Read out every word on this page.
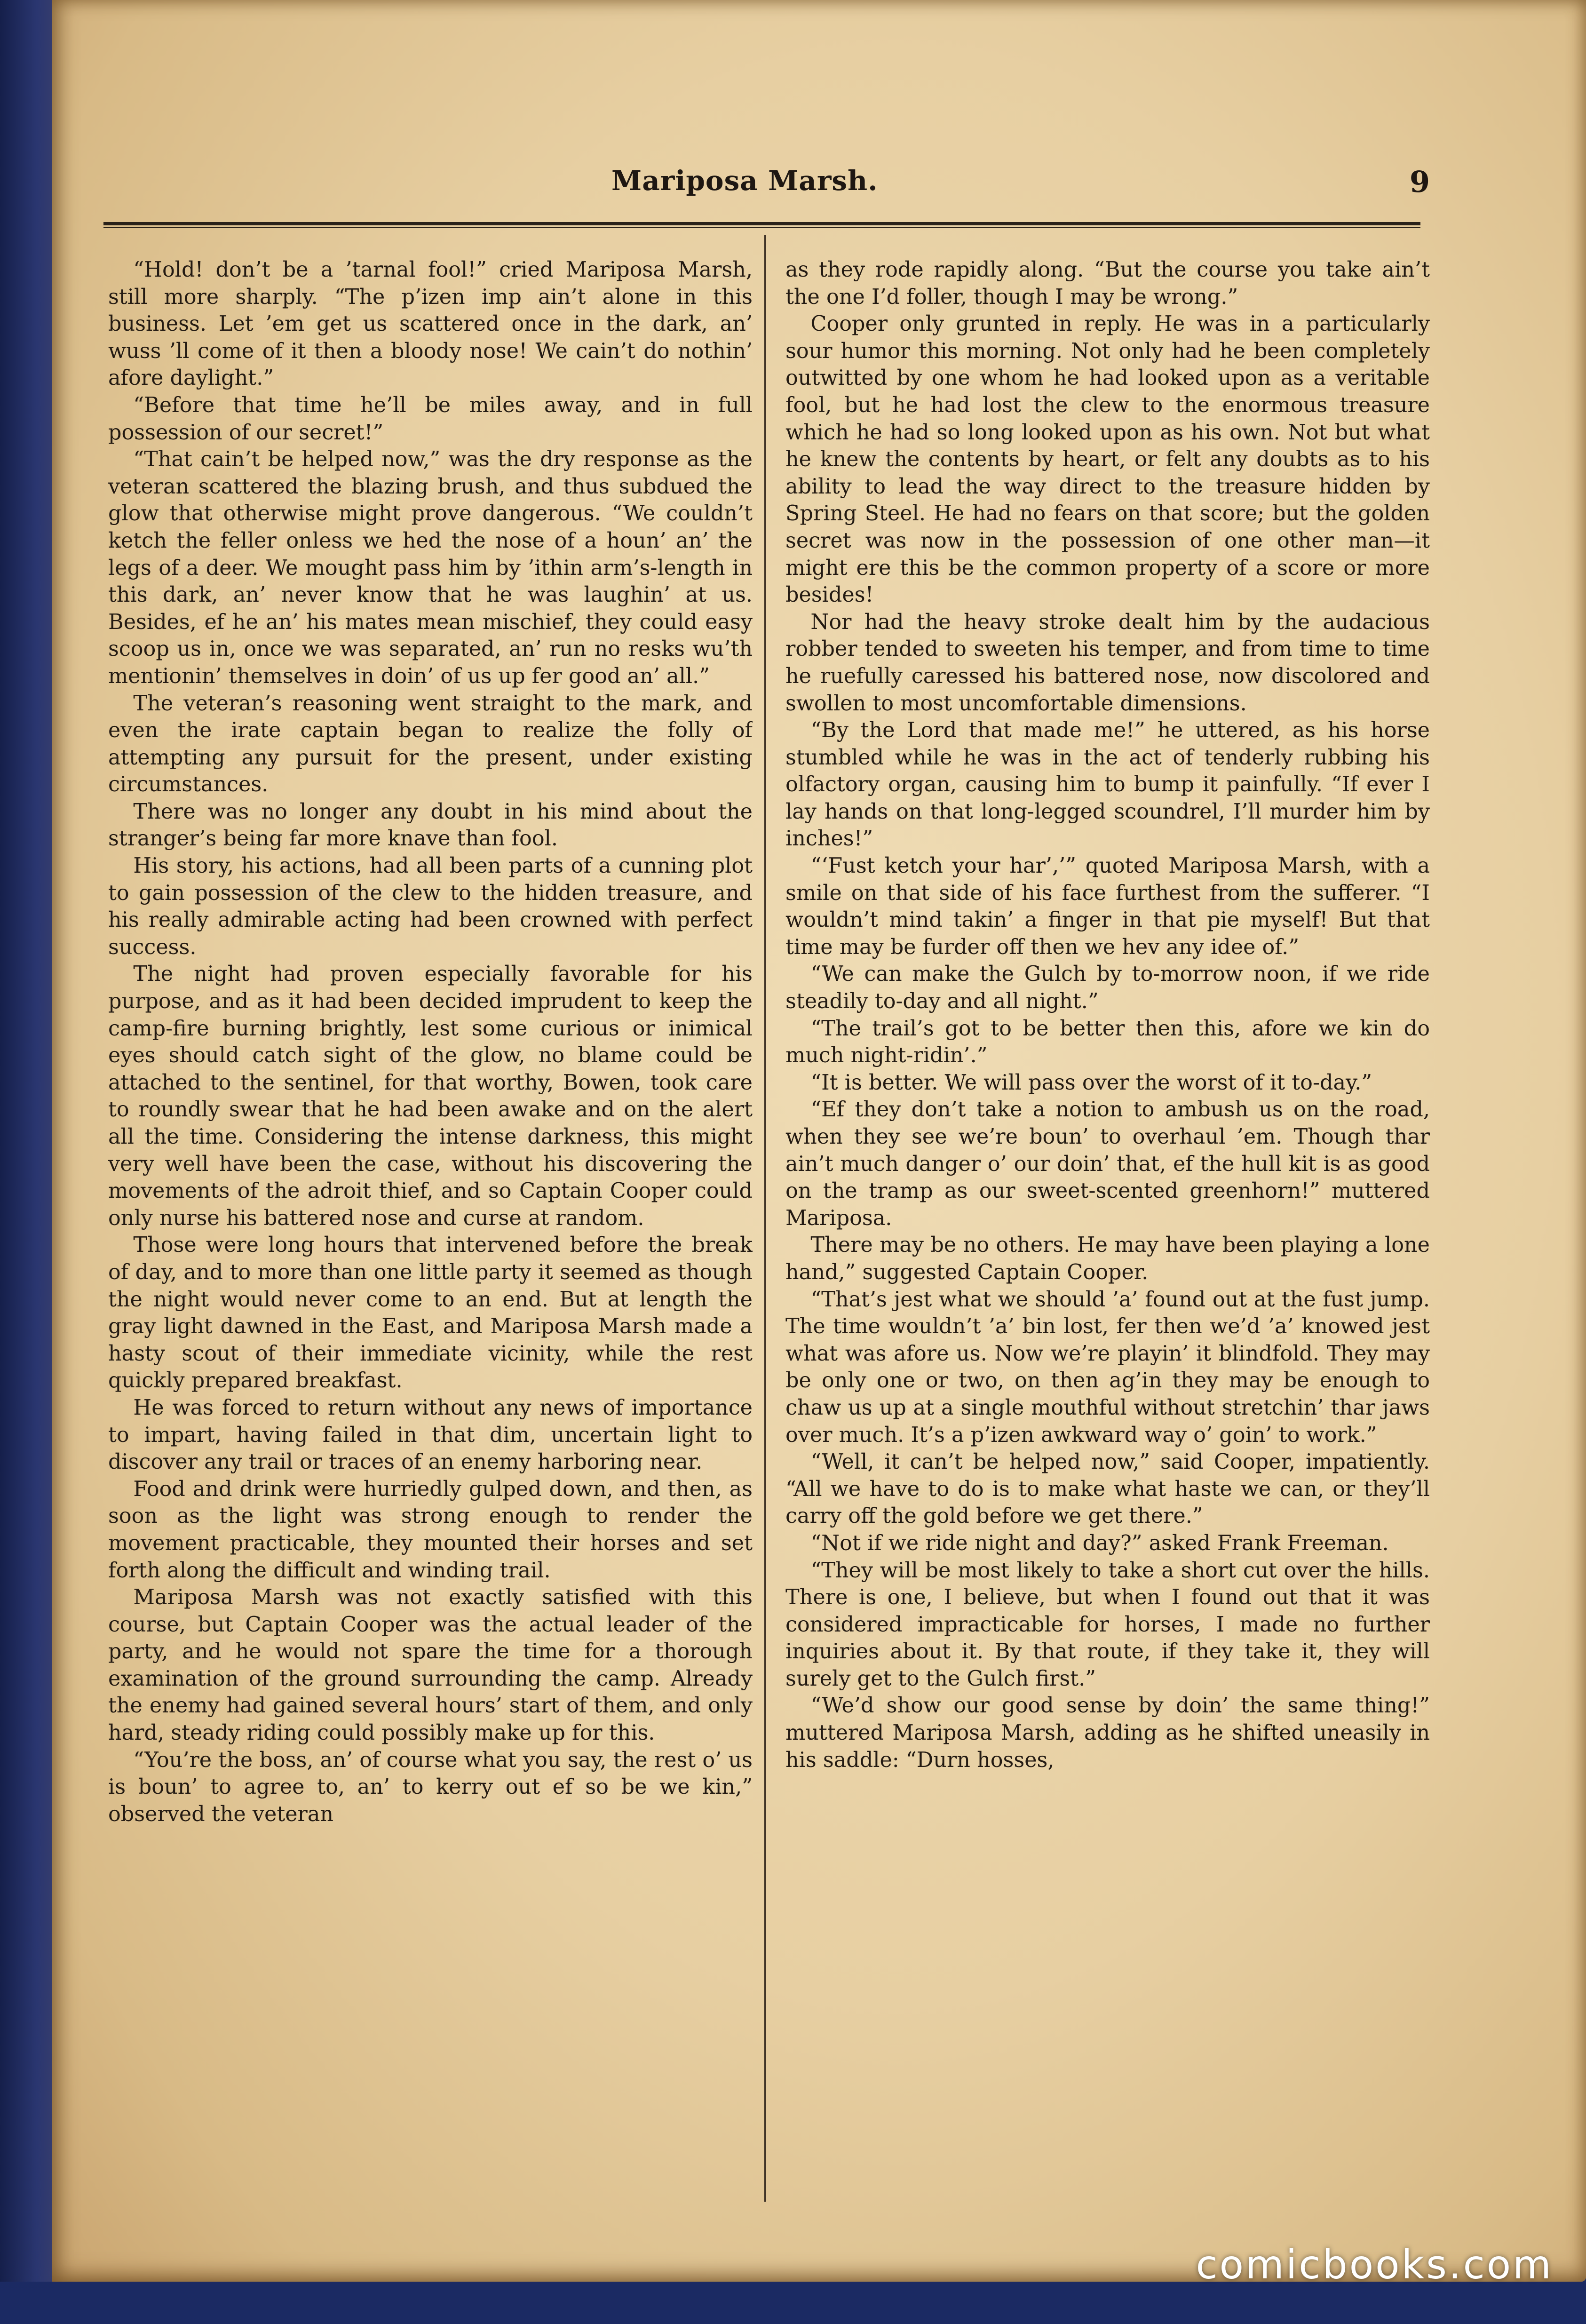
Mariposa Marsh.	9

“Hold! don’t be a ’tarnal fool!” cried Mariposa Marsh, still more sharply. “The p’izen imp ain’t alone in this business. Let ’em get us scattered once in the dark, an’ wuss ’ll come of it then a bloody nose! We cain’t do nothin’ afore daylight.”

“Before that time he’ll be miles away, and in full possession of our secret!”

“That cain’t be helped now,” was the dry response as the veteran scattered the blazing brush, and thus subdued the glow that otherwise might prove dangerous. “We couldn’t ketch the feller onless we hed the nose of a houn’ an’ the legs of a deer. We mought pass him by ’ithin arm’s-length in this dark, an’ never know that he was laughin’ at us. Besides, ef he an’ his mates mean mischief, they could easy scoop us in, once we was separated, an’ run no resks wu’th mentionin’ themselves in doin’ of us up fer good an’ all.”

The veteran’s reasoning went straight to the mark, and even the irate captain began to realize the folly of attempting any pursuit for the present, under existing circumstances.

There was no longer any doubt in his mind about the stranger’s being far more knave than fool.

His story, his actions, had all been parts of a cunning plot to gain possession of the clew to the hidden treasure, and his really admirable acting had been crowned with perfect success.

The night had proven especially favorable for his purpose, and as it had been decided imprudent to keep the camp-fire burning brightly, lest some curious or inimical eyes should catch sight of the glow, no blame could be attached to the sentinel, for that worthy, Bowen, took care to roundly swear that he had been awake and on the alert all the time. Considering the intense darkness, this might very well have been the case, without his discovering the movements of the adroit thief, and so Captain Cooper could only nurse his battered nose and curse at random.

Those were long hours that intervened before the break of day, and to more than one little party it seemed as though the night would never come to an end. But at length the gray light dawned in the East, and Mariposa Marsh made a hasty scout of their immediate vicinity, while the rest quickly prepared breakfast.

He was forced to return without any news of importance to impart, having failed in that dim, uncertain light to discover any trail or traces of an enemy harboring near.

Food and drink were hurriedly gulped down, and then, as soon as the light was strong enough to render the movement practicable, they mounted their horses and set forth along the difficult and winding trail.

Mariposa Marsh was not exactly satisfied with this course, but Captain Cooper was the actual leader of the party, and he would not spare the time for a thorough examination of the ground surrounding the camp. Already the enemy had gained several hours’ start of them, and only hard, steady riding could possibly make up for this.

“You’re the boss, an’ of course what you say, the rest o’ us is boun’ to agree to, an’ to kerry out ef so be we kin,” observed the veteran

as they rode rapidly along. “But the course you take ain’t the one I’d foller, though I may be wrong.”

Cooper only grunted in reply. He was in a particularly sour humor this morning. Not only had he been completely outwitted by one whom he had looked upon as a veritable fool, but he had lost the clew to the enormous treasure which he had so long looked upon as his own. Not but what he knew the contents by heart, or felt any doubts as to his ability to lead the way direct to the treasure hidden by Spring Steel. He had no fears on that score; but the golden secret was now in the possession of one other man—it might ere this be the common property of a score or more besides!

Nor had the heavy stroke dealt him by the audacious robber tended to sweeten his temper, and from time to time he ruefully caressed his battered nose, now discolored and swollen to most uncomfortable dimensions.

“By the Lord that made me!” he uttered, as his horse stumbled while he was in the act of tenderly rubbing his olfactory organ, causing him to bump it painfully. “If ever I lay hands on that long-legged scoundrel, I’ll murder him by inches!”

“‘Fust ketch your har’,’” quoted Mariposa Marsh, with a smile on that side of his face furthest from the sufferer. “I wouldn’t mind takin’ a finger in that pie myself! But that time may be furder off then we hev any idee of.”

“We can make the Gulch by to-morrow noon, if we ride steadily to-day and all night.”

“The trail’s got to be better then this, afore we kin do much night-ridin’.”

“It is better. We will pass over the worst of it to-day.”

“Ef they don’t take a notion to ambush us on the road, when they see we’re boun’ to overhaul ’em. Though thar ain’t much danger o’ our doin’ that, ef the hull kit is as good on the tramp as our sweet-scented greenhorn!” muttered Mariposa.

There may be no others. He may have been playing a lone hand,” suggested Captain Cooper.

“That’s jest what we should ’a’ found out at the fust jump. The time wouldn’t ’a’ bin lost, fer then we’d ’a’ knowed jest what was afore us. Now we’re playin’ it blindfold. They may be only one or two, on then ag’in they may be enough to chaw us up at a single mouthful without stretchin’ thar jaws over much. It’s a p’izen awkward way o’ goin’ to work.”

“Well, it can’t be helped now,” said Cooper, impatiently. “All we have to do is to make what haste we can, or they’ll carry off the gold before we get there.”

“Not if we ride night and day?” asked Frank Freeman.

“They will be most likely to take a short cut over the hills. There is one, I believe, but when I found out that it was considered impracticable for horses, I made no further inquiries about it. By that route, if they take it, they will surely get to the Gulch first.”

“We’d show our good sense by doin’ the same thing!” muttered Mariposa Marsh, adding as he shifted uneasily in his saddle: “Durn hosses,

comicbooks.com
